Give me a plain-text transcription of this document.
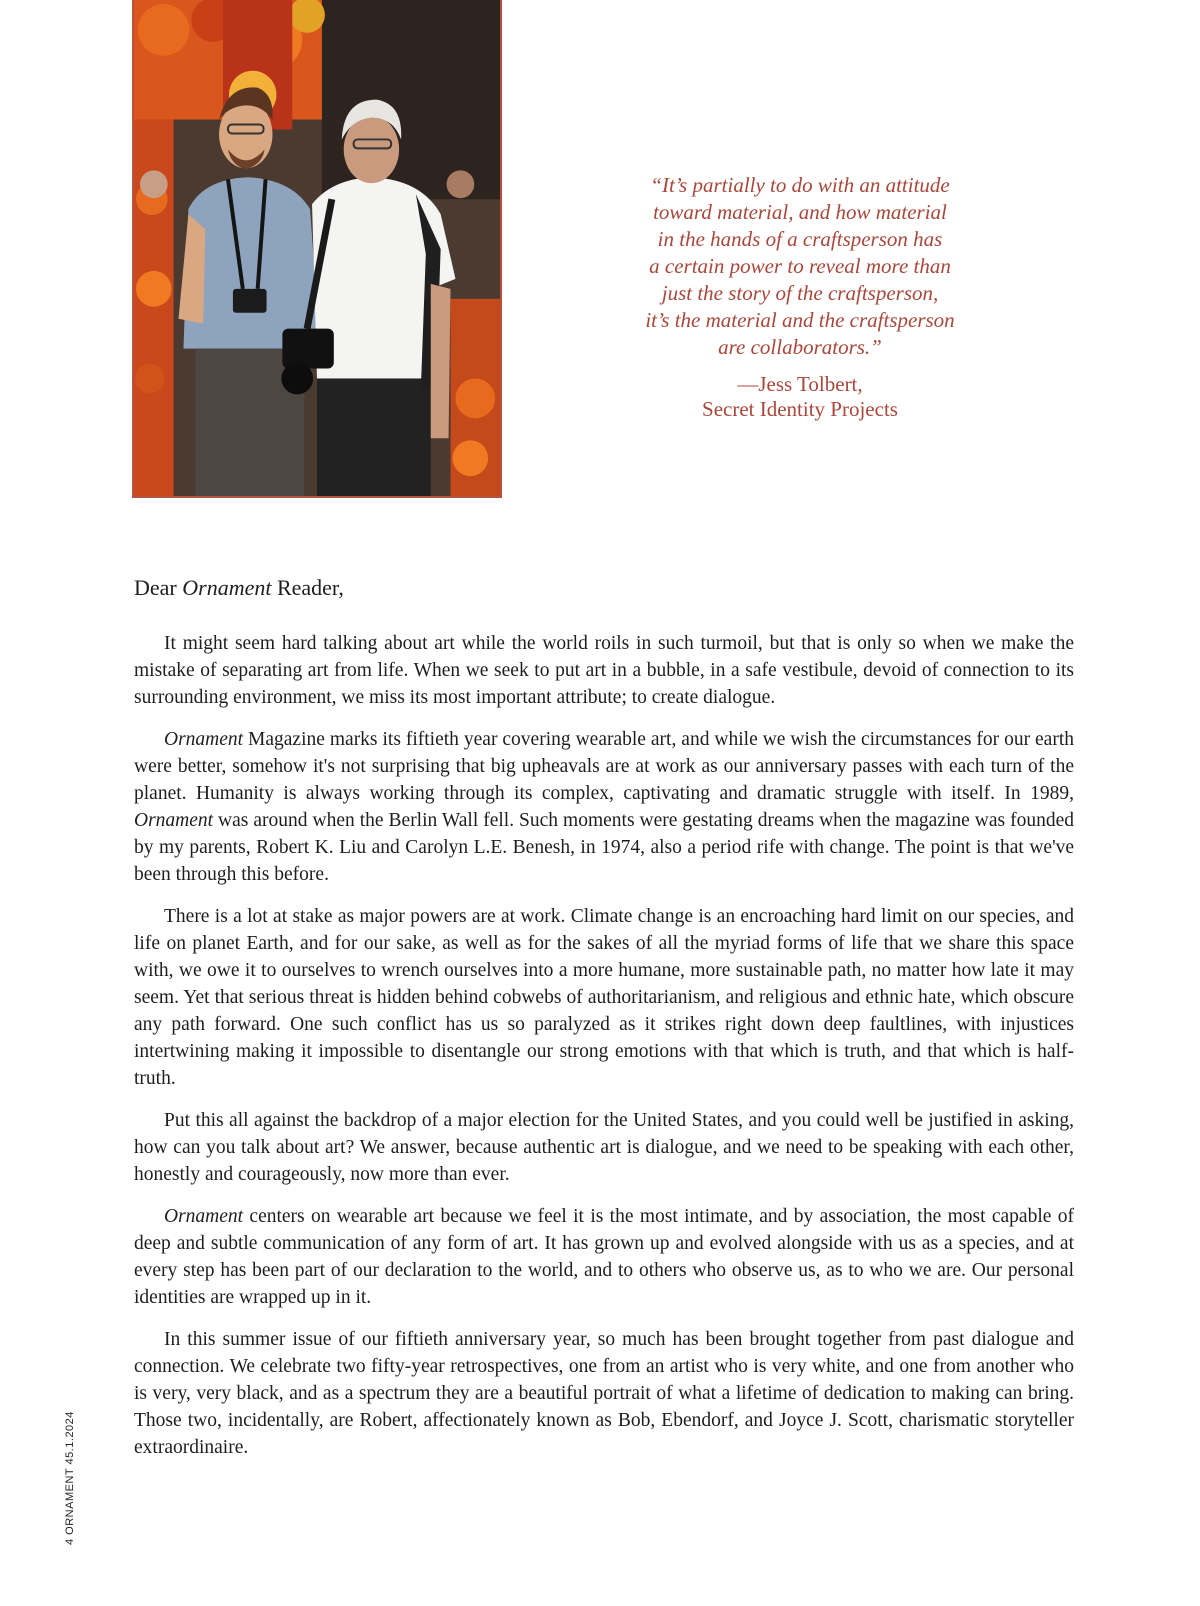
“It’s partially to do with an attitude
toward material, and how material
in the hands of a craftsperson has
a certain power to reveal more than
just the story of the craftsperson,
it’s the material and the craftsperson
are collaborators.”

—Jess Tolbert,
Secret Identity Projects

Dear Ornament Reader,

It might seem hard talking about art while the world roils in such turmoil, but that is only so when we make the mistake of separating art from life. When we seek to put art in a bubble, in a safe vestibule, devoid of connection to its surrounding environment, we miss its most important attribute; to create dialogue.

Ornament Magazine marks its fiftieth year covering wearable art, and while we wish the circumstances for our earth were better, somehow it's not surprising that big upheavals are at work as our anniversary passes with each turn of the planet. Humanity is always working through its complex, captivating and dramatic struggle with itself. In 1989, Ornament was around when the Berlin Wall fell. Such moments were gestating dreams when the magazine was founded by my parents, Robert K. Liu and Carolyn L.E. Benesh, in 1974, also a period rife with change. The point is that we've been through this before.

There is a lot at stake as major powers are at work. Climate change is an encroaching hard limit on our species, and life on planet Earth, and for our sake, as well as for the sakes of all the myriad forms of life that we share this space with, we owe it to ourselves to wrench ourselves into a more humane, more sustainable path, no matter how late it may seem. Yet that serious threat is hidden behind cobwebs of authoritarianism, and religious and ethnic hate, which obscure any path forward. One such conflict has us so paralyzed as it strikes right down deep faultlines, with injustices intertwining making it impossible to disentangle our strong emotions with that which is truth, and that which is half-truth.

Put this all against the backdrop of a major election for the United States, and you could well be justified in asking, how can you talk about art? We answer, because authentic art is dialogue, and we need to be speaking with each other, honestly and courageously, now more than ever.

Ornament centers on wearable art because we feel it is the most intimate, and by association, the most capable of deep and subtle communication of any form of art. It has grown up and evolved alongside with us as a species, and at every step has been part of our declaration to the world, and to others who observe us, as to who we are. Our personal identities are wrapped up in it.

In this summer issue of our fiftieth anniversary year, so much has been brought together from past dialogue and connection. We celebrate two fifty-year retrospectives, one from an artist who is very white, and one from another who is very, very black, and as a spectrum they are a beautiful portrait of what a lifetime of dedication to making can bring. Those two, incidentally, are Robert, affectionately known as Bob, Ebendorf, and Joyce J. Scott, charismatic storyteller extraordinaire.

4 ORNAMENT 45.1.2024
